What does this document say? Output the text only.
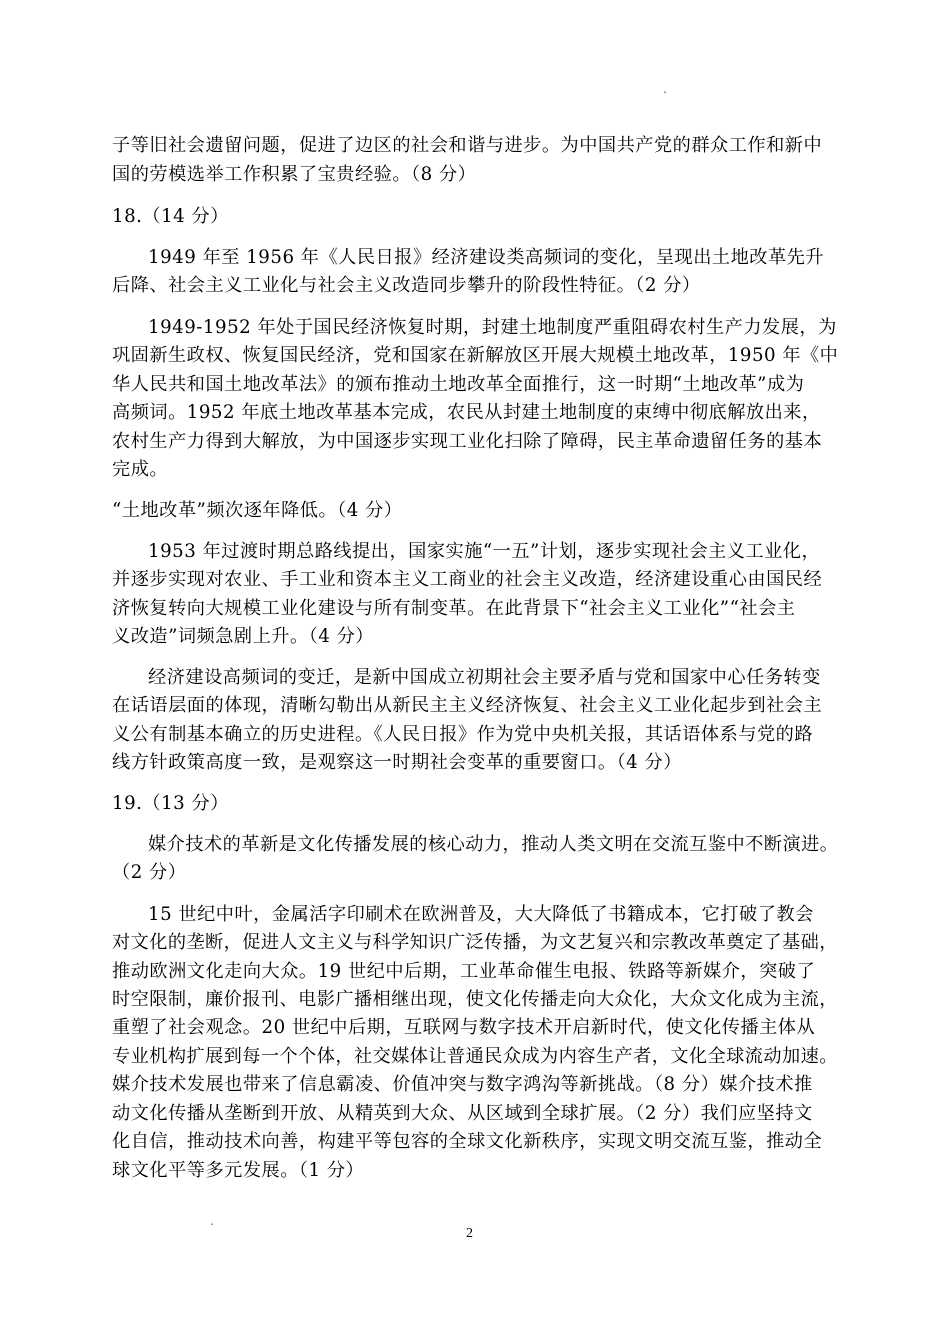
.
子等旧社会遗留问题，促进了边区的社会和谐与进步。为中国共产党的群众工作和新中
国的劳模选举工作积累了宝贵经验。（8 分）
18.（14 分）
1949 年至 1956 年《人民日报》经济建设类高频词的变化，呈现出土地改革先升
后降、社会主义工业化与社会主义改造同步攀升的阶段性特征。（2 分）
1949-1952 年处于国民经济恢复时期，封建土地制度严重阻碍农村生产力发展，为
巩固新生政权、恢复国民经济，党和国家在新解放区开展大规模土地改革，1950 年《中
华人民共和国土地改革法》的颁布推动土地改革全面推行，这一时期“土地改革”成为
高频词。1952 年底土地改革基本完成，农民从封建土地制度的束缚中彻底解放出来，
农村生产力得到大解放，为中国逐步实现工业化扫除了障碍，民主革命遗留任务的基本
完成。
“土地改革”频次逐年降低。（4 分）
1953 年过渡时期总路线提出，国家实施“一五”计划，逐步实现社会主义工业化，
并逐步实现对农业、手工业和资本主义工商业的社会主义改造，经济建设重心由国民经
济恢复转向大规模工业化建设与所有制变革。在此背景下“社会主义工业化”“社会主
义改造”词频急剧上升。（4 分）
经济建设高频词的变迁，是新中国成立初期社会主要矛盾与党和国家中心任务转变
在话语层面的体现，清晰勾勒出从新民主主义经济恢复、社会主义工业化起步到社会主
义公有制基本确立的历史进程。《人民日报》作为党中央机关报，其话语体系与党的路
线方针政策高度一致，是观察这一时期社会变革的重要窗口。（4 分）
19.（13 分）
媒介技术的革新是文化传播发展的核心动力，推动人类文明在交流互鉴中不断演进。
（2 分）
15 世纪中叶，金属活字印刷术在欧洲普及，大大降低了书籍成本，它打破了教会
对文化的垄断，促进人文主义与科学知识广泛传播，为文艺复兴和宗教改革奠定了基础，
推动欧洲文化走向大众。19 世纪中后期，工业革命催生电报、铁路等新媒介，突破了
时空限制，廉价报刊、电影广播相继出现，使文化传播走向大众化，大众文化成为主流，
重塑了社会观念。20 世纪中后期，互联网与数字技术开启新时代，使文化传播主体从
专业机构扩展到每一个个体，社交媒体让普通民众成为内容生产者，文化全球流动加速。
媒介技术发展也带来了信息霸凌、价值冲突与数字鸿沟等新挑战。（8 分）媒介技术推
动文化传播从垄断到开放、从精英到大众、从区域到全球扩展。（2 分）我们应坚持文
化自信，推动技术向善，构建平等包容的全球文化新秩序，实现文明交流互鉴，推动全
球文化平等多元发展。（1 分）
.
2
